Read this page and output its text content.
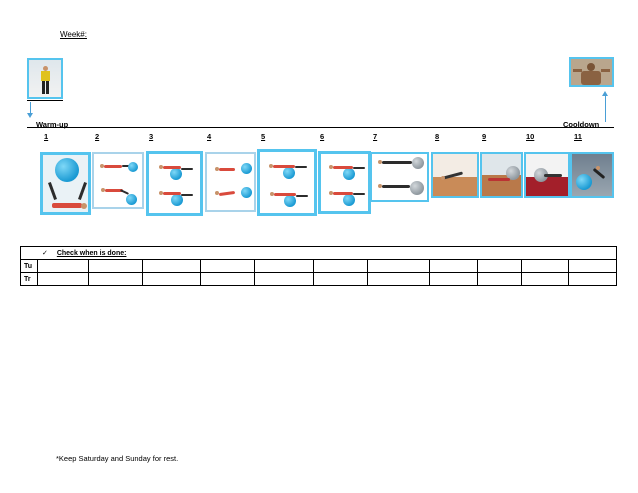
Week#:
Warm-up	Cooldown
1	2	3	4	5	6	7	8	9	10	11
✓ Check when is done:											
Tu											
Tr											
*Keep Saturday and Sunday for rest.
